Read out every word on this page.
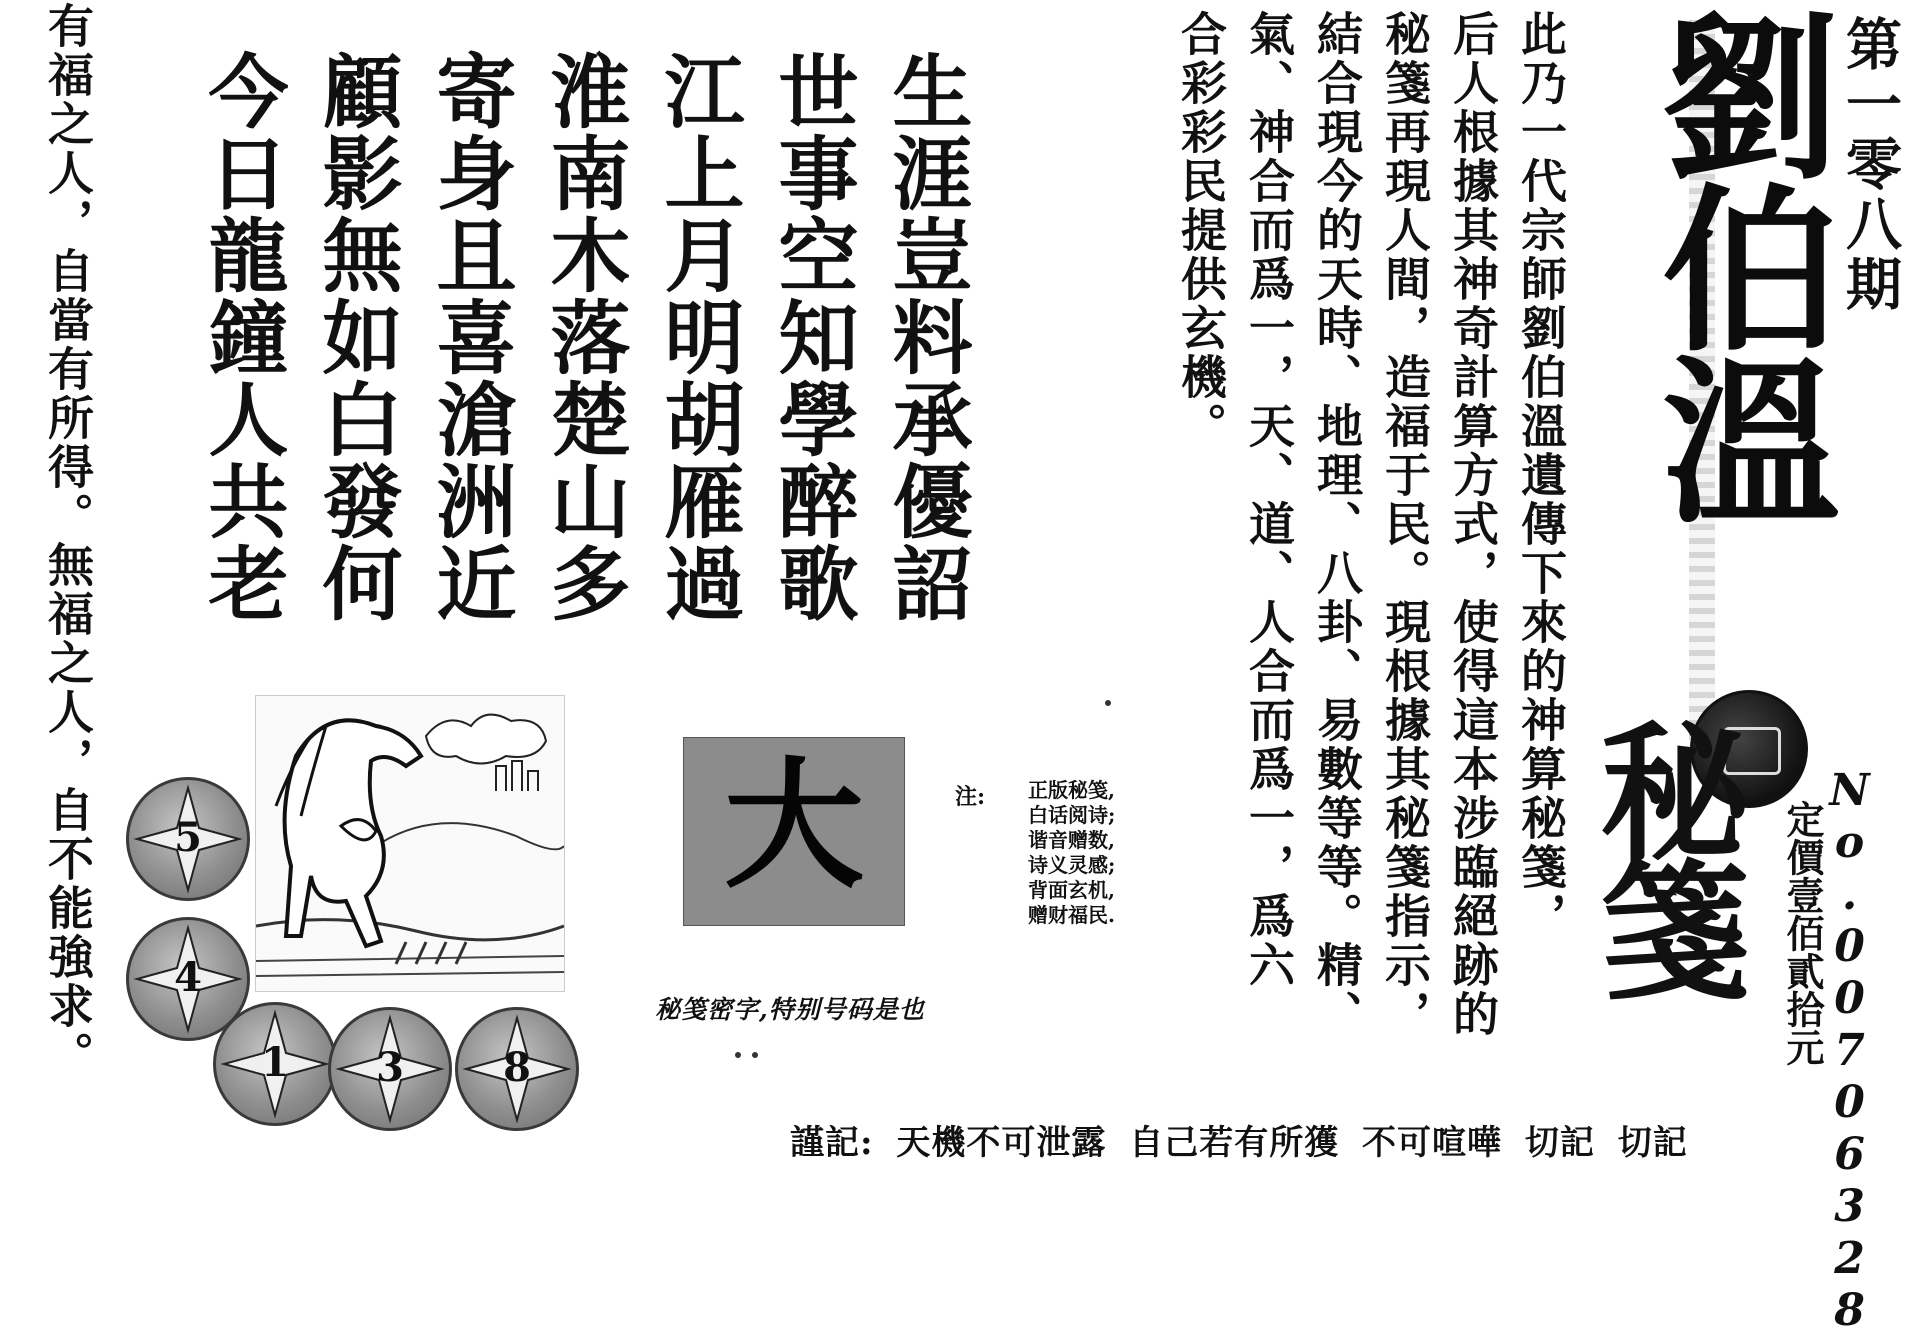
第一零八期
劉伯溫
秘箋 No.00706328
定價壹佰貳拾元
此乃一代宗師劉伯溫遺傳下來的神算秘箋，
后人根據其神奇計算方式，使得這本涉臨絕跡的
秘箋再現人間，造福于民。現根據其秘箋指示，
結合現今的天時、地理、八卦、易數等等。精、
氣、神合而爲一，天、道、人合而爲一，爲六
合彩彩民提供玄機。
生涯豈料承優詔
世事空知學醉歌
江上月明胡雁過
淮南木落楚山多
寄身且喜滄洲近
顧影無如白發何
今日龍鐘人共老
有福之人，自當有所得。無福之人，自不能強求。	5
4
1	3	8
大	注: 正版秘笺,
白话阅诗;
谐音赠数,
诗义灵感;
背面玄机,
赠财福民.
秘笺密字,特别号码是也
謹記: 天機不可泄露 自己若有所獲 不可喧嘩 切記 切記
